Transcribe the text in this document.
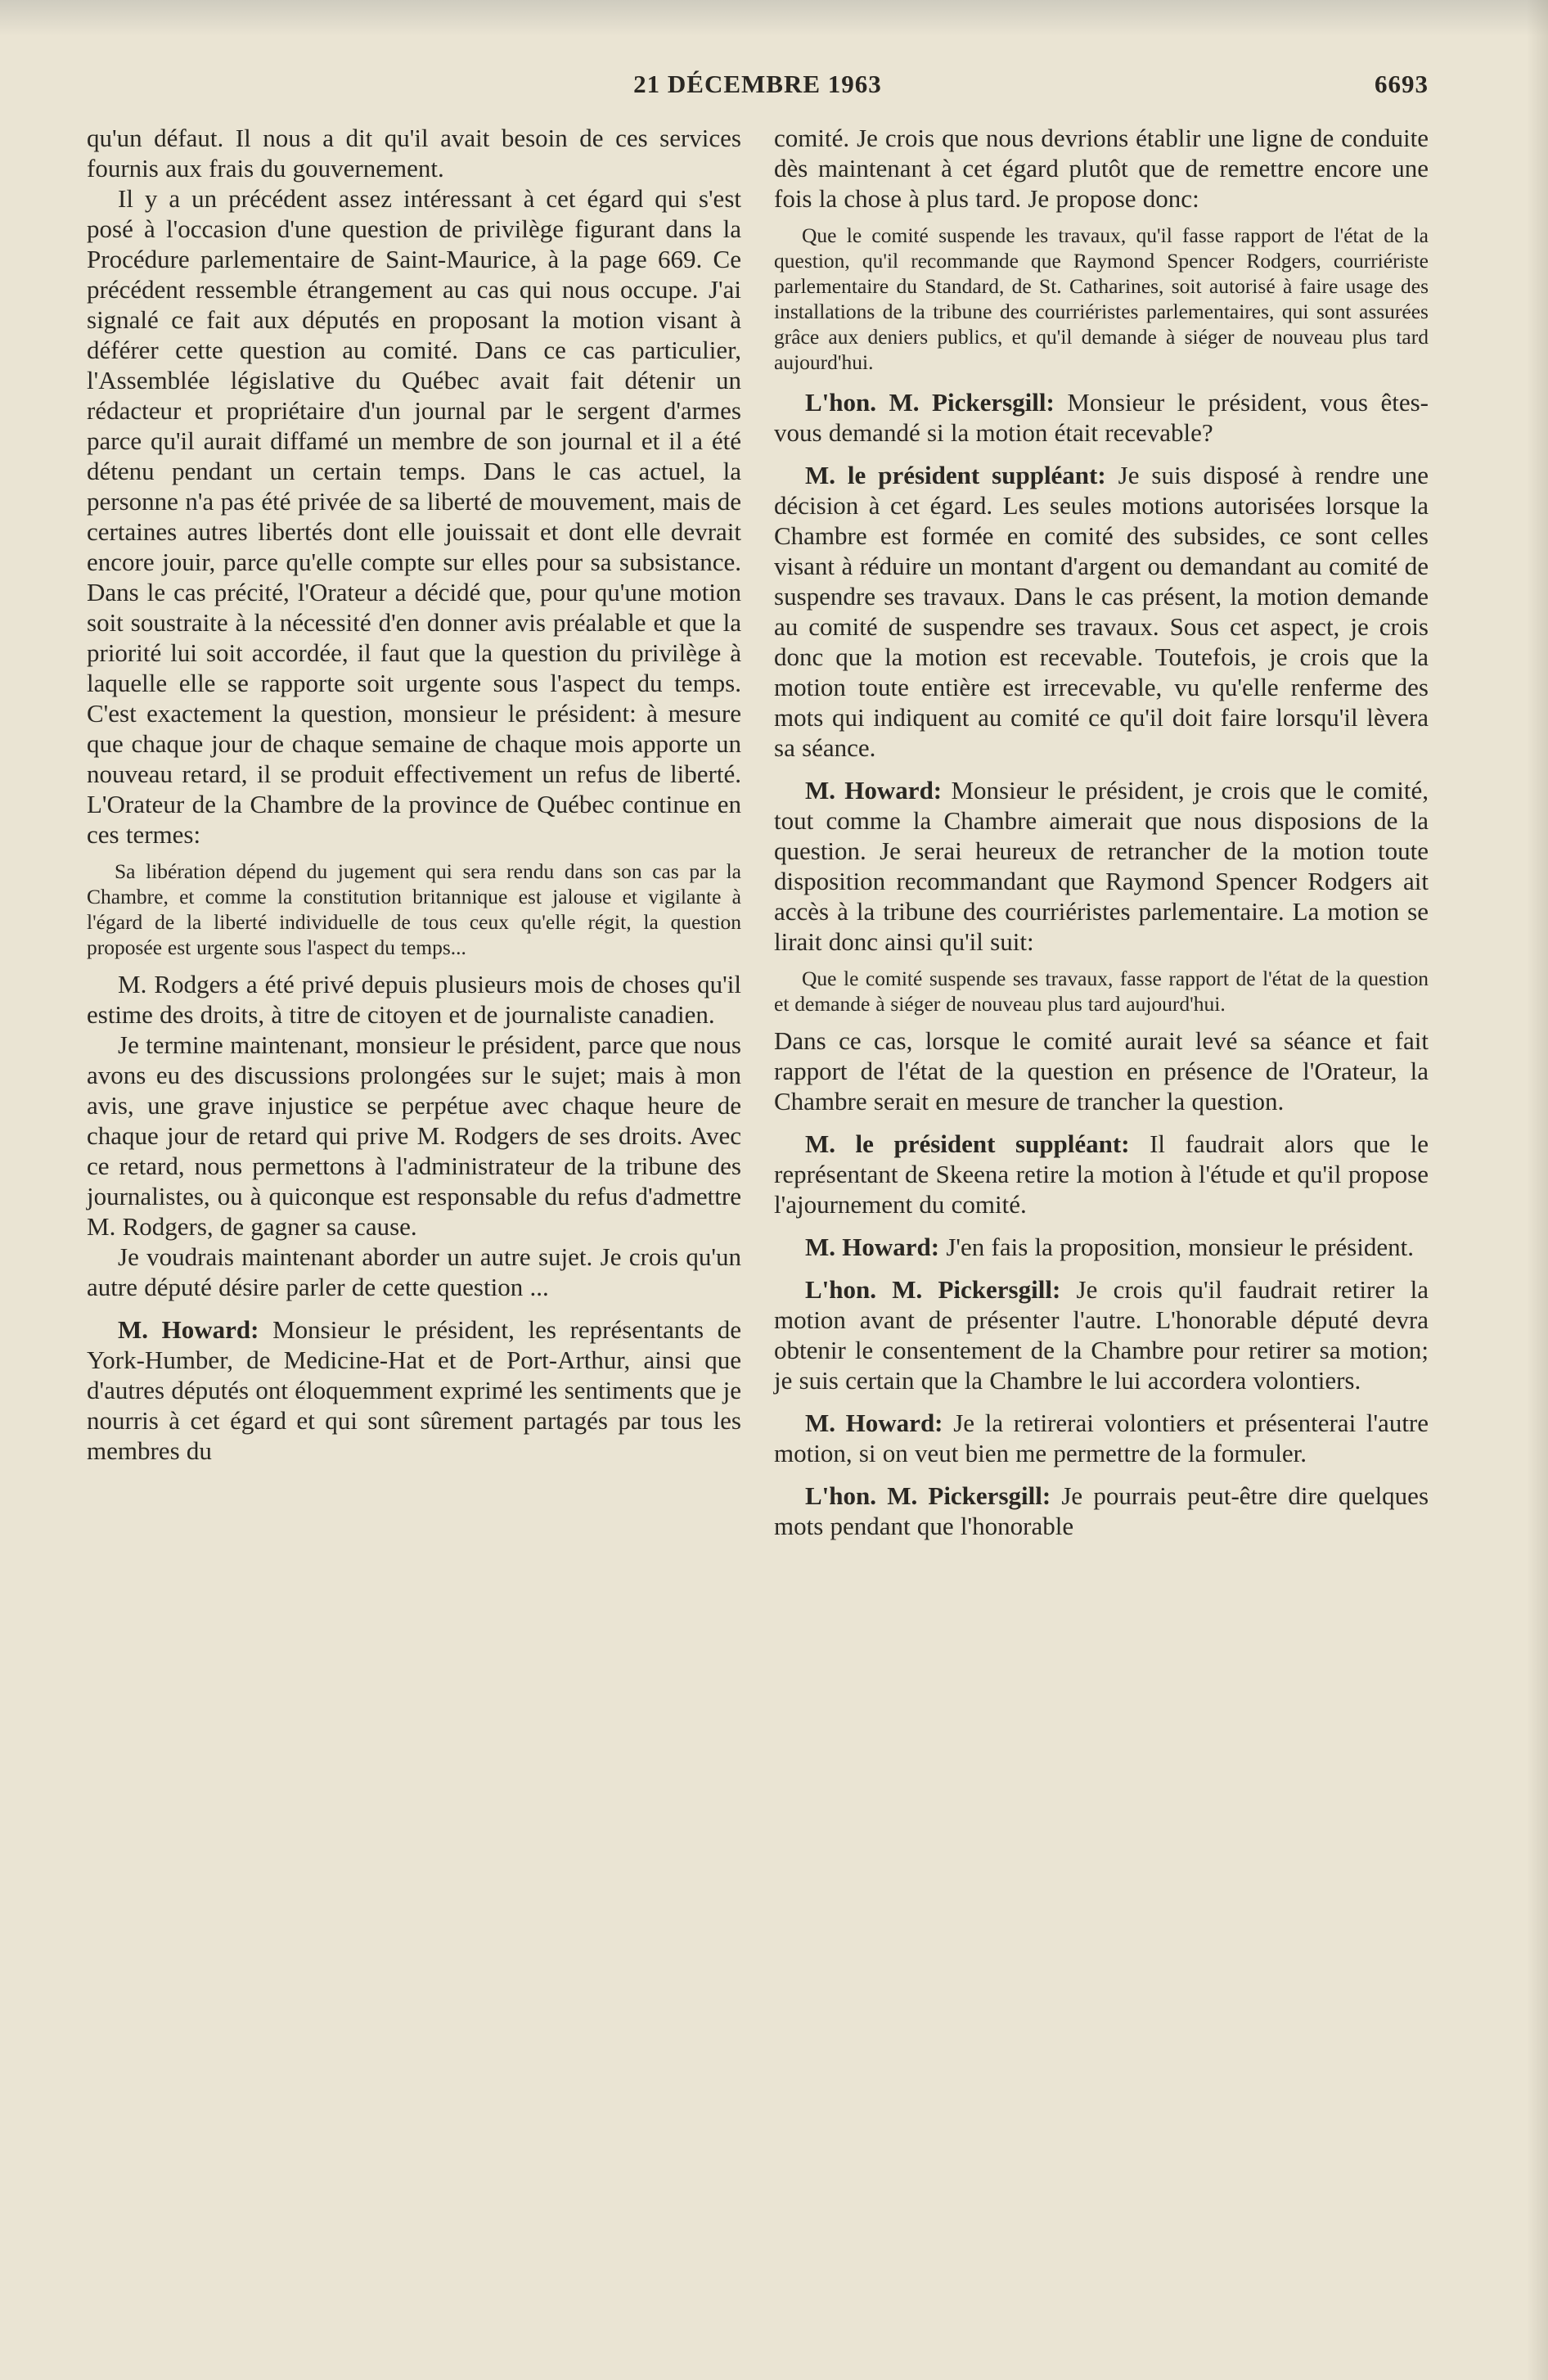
21 DÉCEMBRE 1963	6693

qu'un défaut. Il nous a dit qu'il avait besoin de ces services fournis aux frais du gouvernement.

Il y a un précédent assez intéressant à cet égard qui s'est posé à l'occasion d'une question de privilège figurant dans la Procédure parlementaire de Saint-Maurice, à la page 669. Ce précédent ressemble étrangement au cas qui nous occupe. J'ai signalé ce fait aux députés en proposant la motion visant à déférer cette question au comité. Dans ce cas particulier, l'Assemblée législative du Québec avait fait détenir un rédacteur et propriétaire d'un journal par le sergent d'armes parce qu'il aurait diffamé un membre de son journal et il a été détenu pendant un certain temps. Dans le cas actuel, la personne n'a pas été privée de sa liberté de mouvement, mais de certaines autres libertés dont elle jouissait et dont elle devrait encore jouir, parce qu'elle compte sur elles pour sa subsistance. Dans le cas précité, l'Orateur a décidé que, pour qu'une motion soit soustraite à la nécessité d'en donner avis préalable et que la priorité lui soit accordée, il faut que la question du privilège à laquelle elle se rapporte soit urgente sous l'aspect du temps. C'est exactement la question, monsieur le président: à mesure que chaque jour de chaque semaine de chaque mois apporte un nouveau retard, il se produit effectivement un refus de liberté. L'Orateur de la Chambre de la province de Québec continue en ces termes:

Sa libération dépend du jugement qui sera rendu dans son cas par la Chambre, et comme la constitution britannique est jalouse et vigilante à l'égard de la liberté individuelle de tous ceux qu'elle régit, la question proposée est urgente sous l'aspect du temps...

M. Rodgers a été privé depuis plusieurs mois de choses qu'il estime des droits, à titre de citoyen et de journaliste canadien.

Je termine maintenant, monsieur le président, parce que nous avons eu des discussions prolongées sur le sujet; mais à mon avis, une grave injustice se perpétue avec chaque heure de chaque jour de retard qui prive M. Rodgers de ses droits. Avec ce retard, nous permettons à l'administrateur de la tribune des journalistes, ou à quiconque est responsable du refus d'admettre M. Rodgers, de gagner sa cause.

Je voudrais maintenant aborder un autre sujet. Je crois qu'un autre député désire parler de cette question ...

M. Howard: Monsieur le président, les représentants de York-Humber, de Medicine-Hat et de Port-Arthur, ainsi que d'autres députés ont éloquemment exprimé les sentiments que je nourris à cet égard et qui sont sûrement partagés par tous les membres du

comité. Je crois que nous devrions établir une ligne de conduite dès maintenant à cet égard plutôt que de remettre encore une fois la chose à plus tard. Je propose donc:

Que le comité suspende les travaux, qu'il fasse rapport de l'état de la question, qu'il recommande que Raymond Spencer Rodgers, courriériste parlementaire du Standard, de St. Catharines, soit autorisé à faire usage des installations de la tribune des courriéristes parlementaires, qui sont assurées grâce aux deniers publics, et qu'il demande à siéger de nouveau plus tard aujourd'hui.

L'hon. M. Pickersgill: Monsieur le président, vous êtes-vous demandé si la motion était recevable?

M. le président suppléant: Je suis disposé à rendre une décision à cet égard. Les seules motions autorisées lorsque la Chambre est formée en comité des subsides, ce sont celles visant à réduire un montant d'argent ou demandant au comité de suspendre ses travaux. Dans le cas présent, la motion demande au comité de suspendre ses travaux. Sous cet aspect, je crois donc que la motion est recevable. Toutefois, je crois que la motion toute entière est irrecevable, vu qu'elle renferme des mots qui indiquent au comité ce qu'il doit faire lorsqu'il lèvera sa séance.

M. Howard: Monsieur le président, je crois que le comité, tout comme la Chambre aimerait que nous disposions de la question. Je serai heureux de retrancher de la motion toute disposition recommandant que Raymond Spencer Rodgers ait accès à la tribune des courriéristes parlementaire. La motion se lirait donc ainsi qu'il suit:

Que le comité suspende ses travaux, fasse rapport de l'état de la question et demande à siéger de nouveau plus tard aujourd'hui.

Dans ce cas, lorsque le comité aurait levé sa séance et fait rapport de l'état de la question en présence de l'Orateur, la Chambre serait en mesure de trancher la question.

M. le président suppléant: Il faudrait alors que le représentant de Skeena retire la motion à l'étude et qu'il propose l'ajournement du comité.

M. Howard: J'en fais la proposition, monsieur le président.

L'hon. M. Pickersgill: Je crois qu'il faudrait retirer la motion avant de présenter l'autre. L'honorable député devra obtenir le consentement de la Chambre pour retirer sa motion; je suis certain que la Chambre le lui accordera volontiers.

M. Howard: Je la retirerai volontiers et présenterai l'autre motion, si on veut bien me permettre de la formuler.

L'hon. M. Pickersgill: Je pourrais peut-être dire quelques mots pendant que l'honorable
